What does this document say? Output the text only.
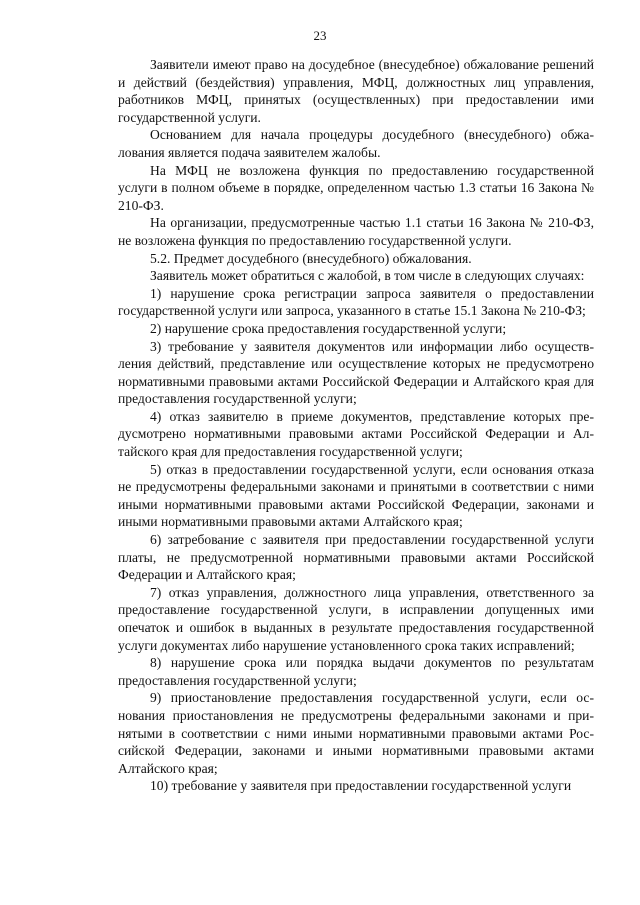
23

Заявители имеют право на досудебное (внесудебное) обжалование решений и действий (бездействия) управления, МФЦ, должностных лиц управления, работников МФЦ, принятых (осуществленных) при предоставлении ими государственной услуги.

Основанием для начала процедуры досудебного (внесудебного) обжалования является подача заявителем жалобы.

На МФЦ не возложена функция по предоставлению государственной услуги в полном объеме в порядке, определенном частью 1.3 статьи 16 Закона № 210-ФЗ.

На организации, предусмотренные частью 1.1 статьи 16 Закона № 210-ФЗ, не возложена функция по предоставлению государственной услуги.

5.2. Предмет досудебного (внесудебного) обжалования.

Заявитель может обратиться с жалобой, в том числе в следующих случаях:

1) нарушение срока регистрации запроса заявителя о предоставлении государственной услуги или запроса, указанного в статье 15.1 Закона № 210-ФЗ;

2) нарушение срока предоставления государственной услуги;

3) требование у заявителя документов или информации либо осуществления действий, представление или осуществление которых не предусмотрено нормативными правовыми актами Российской Федерации и Алтайского края для предоставления государственной услуги;

4) отказ заявителю в приеме документов, представление которых предусмотрено нормативными правовыми актами Российской Федерации и Алтайского края для предоставления государственной услуги;

5) отказ в предоставлении государственной услуги, если основания отказа не предусмотрены федеральными законами и принятыми в соответствии с ними иными нормативными правовыми актами Российской Федерации, законами и иными нормативными правовыми актами Алтайского края;

6) затребование с заявителя при предоставлении государственной услуги платы, не предусмотренной нормативными правовыми актами Российской Федерации и Алтайского края;

7) отказ управления, должностного лица управления, ответственного за предоставление государственной услуги, в исправлении допущенных ими опечаток и ошибок в выданных в результате предоставления государственной услуги документах либо нарушение установленного срока таких исправлений;

8) нарушение срока или порядка выдачи документов по результатам предоставления государственной услуги;

9) приостановление предоставления государственной услуги, если основания приостановления не предусмотрены федеральными законами и принятыми в соответствии с ними иными нормативными правовыми актами Российской Федерации, законами и иными нормативными правовыми актами Алтайского края;

10) требование у заявителя при предоставлении государственной услуги
